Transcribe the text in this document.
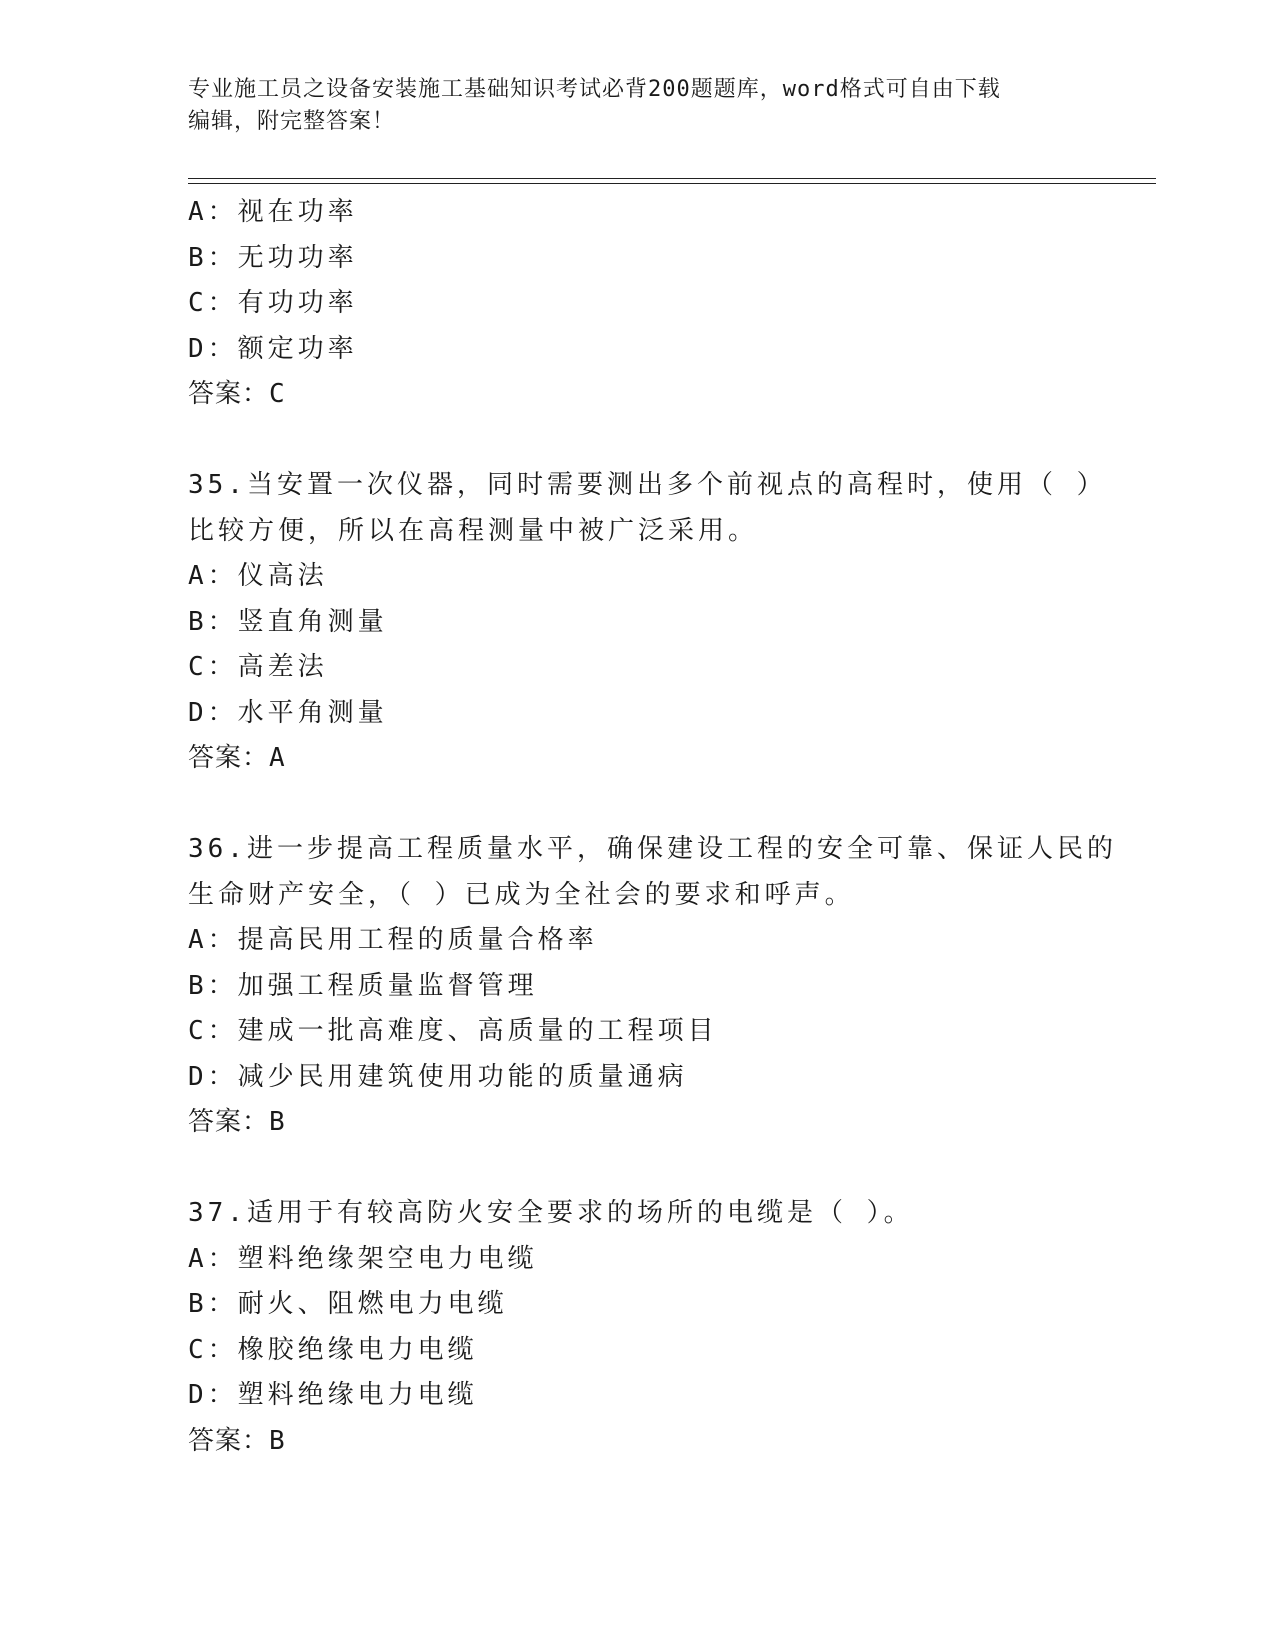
专业施工员之设备安装施工基础知识考试必背200题题库，word格式可自由下载
编辑，附完整答案！
A：视在功率
B：无功功率
C：有功功率
D：额定功率
答案：C
35.当安置一次仪器，同时需要测出多个前视点的高程时，使用（ ）
比较方便，所以在高程测量中被广泛采用。
A：仪高法
B：竖直角测量
C：高差法
D：水平角测量
答案：A
36.进一步提高工程质量水平，确保建设工程的安全可靠、保证人民的
生命财产安全，（ ）已成为全社会的要求和呼声。
A：提高民用工程的质量合格率
B：加强工程质量监督管理
C：建成一批高难度、高质量的工程项目
D：减少民用建筑使用功能的质量通病
答案：B
37.适用于有较高防火安全要求的场所的电缆是（ ）。
A：塑料绝缘架空电力电缆
B：耐火、阻燃电力电缆
C：橡胶绝缘电力电缆
D：塑料绝缘电力电缆
答案：B
